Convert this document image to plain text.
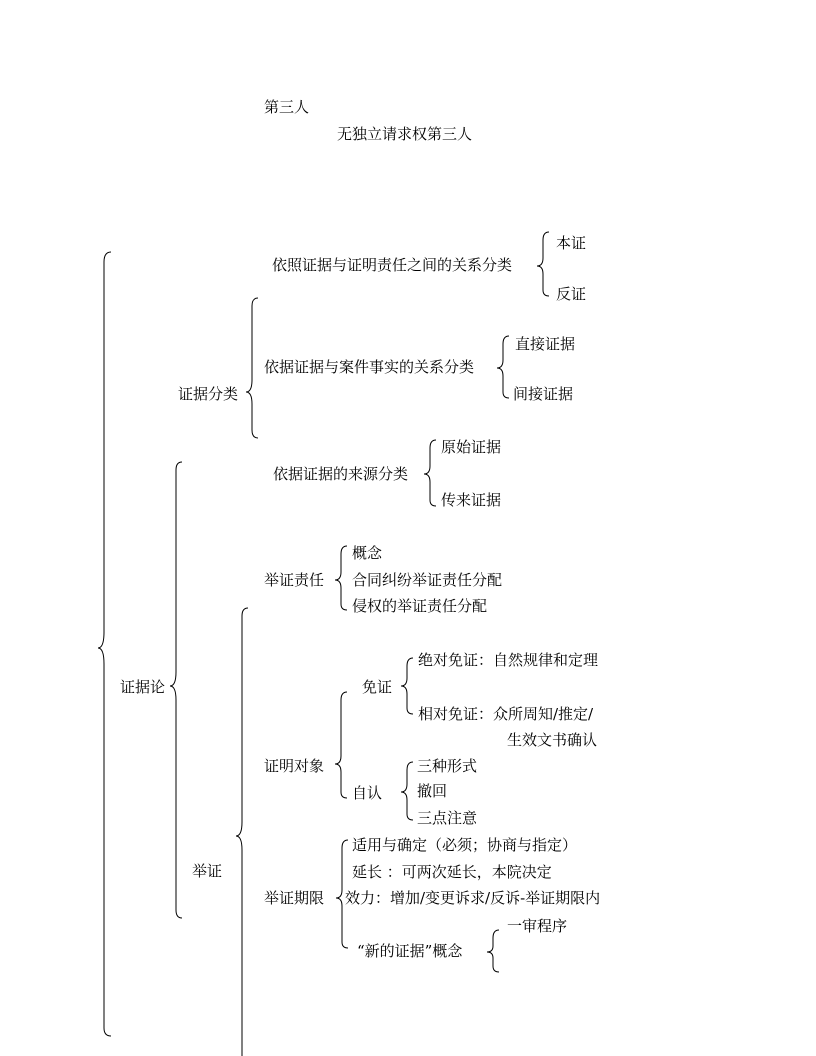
第三人
无独立请求权第三人
证据论
证据分类
依照证据与证明责任之间的关系分类
本证
反证
依据证据与案件事实的关系分类
直接证据
间接证据
依据证据的来源分类
原始证据
传来证据
举证
举证责任
概念
合同纠纷举证责任分配
侵权的举证责任分配
证明对象
免证
绝对免证：自然规律和定理
相对免证：众所周知/推定/
生效文书确认
自认
三种形式
撤回
三点注意
举证期限
适用与确定（必须；协商与指定）
延长 ：可两次延长，本院决定
效力：增加/变更诉求/反诉-举证期限内
“新的证据”概念
一审程序
